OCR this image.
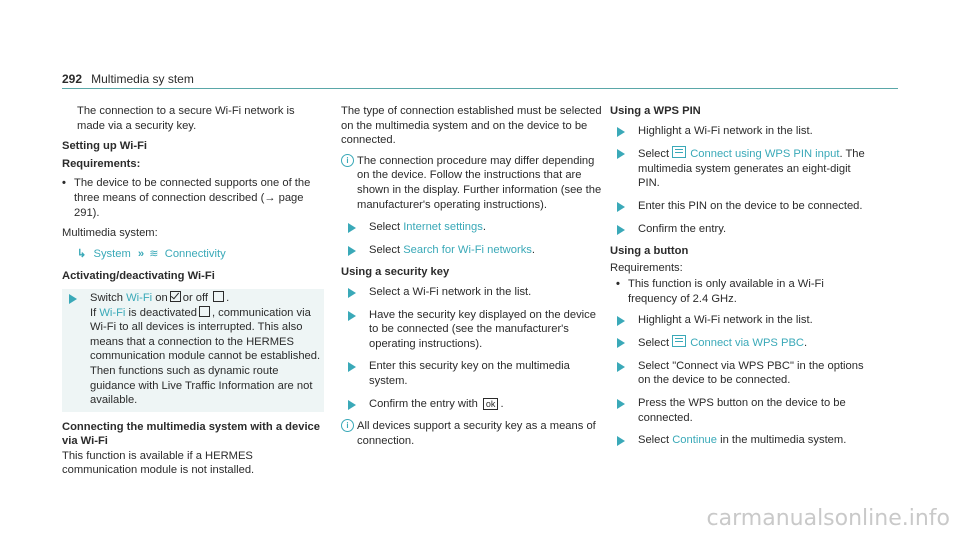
292 Multimedia sy stem

The connection to a secure Wi-Fi network is made via a security key.

Setting up Wi-Fi
Requirements:
• The device to be connected supports one of the three means of connection described (→ page 291).

Multimedia system:

↳ System » ≋ Connectivity
Activating/deactivating Wi-Fi
Switch Wi-Fi on or off .
If Wi-Fi is deactivated , communication via Wi-Fi to all devices is interrupted. This also means that a connection to the HERMES communication module cannot be established. Then functions such as dynamic route guidance with Live Traffic Information are not available.
Connecting the multimedia system with a device via Wi-Fi

This function is available if a HERMES communication module is not installed.

The type of connection established must be selected on the multimedia system and on the device to be connected.

i The connection procedure may differ depending on the device. Follow the instructions that are shown in the display. Further information (see the manufacturer's operating instructions).
Select Internet settings.
Select Search for Wi-Fi networks.
Using a security key
Select a Wi-Fi network in the list.
Have the security key displayed on the device to be connected (see the manufacturer's operating instructions).
Enter this security key on the multimedia system.
Confirm the entry with ok .
i All devices support a security key as a means of connection.
Using a WPS PIN
Highlight a Wi-Fi network in the list.
Select Connect using WPS PIN input. The multimedia system generates an eight-digit PIN.
Enter this PIN on the device to be connected.
Confirm the entry.
Using a button

Requirements:

• This function is only available in a Wi-Fi frequency of 2.4 GHz.
Highlight a Wi-Fi network in the list.
Select Connect via WPS PBC.
Select "Connect via WPS PBC" in the options on the device to be connected.
Press the WPS button on the device to be connected.
Select Continue in the multimedia system.
carmanualsonline.info
